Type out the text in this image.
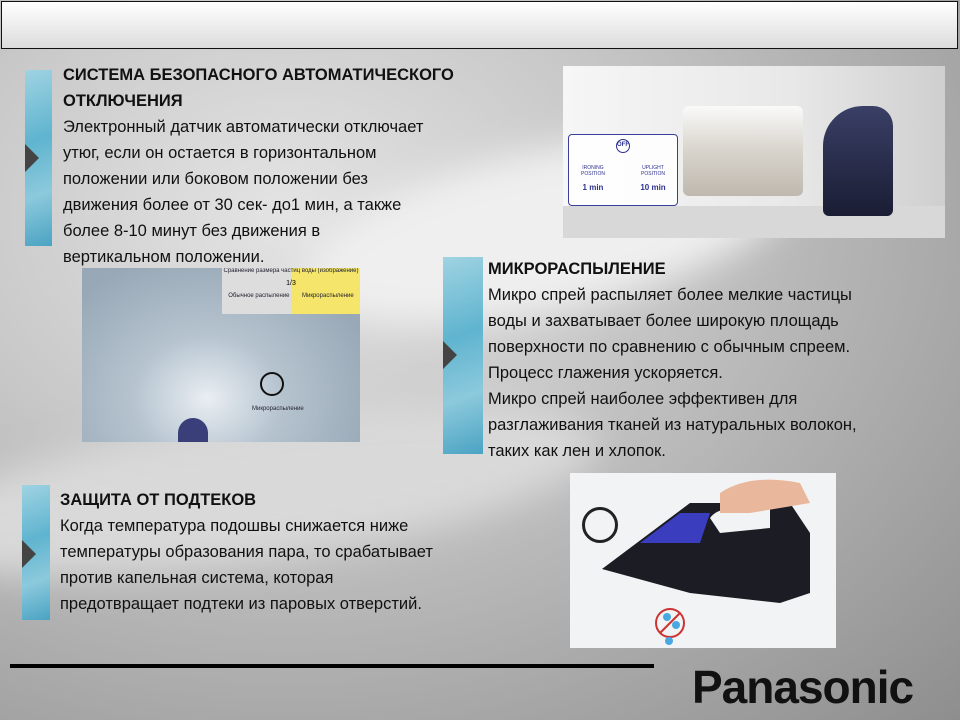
СИСТЕМА БЕЗОПАСНОГО АВТОМАТИЧЕСКОГО ОТКЛЮЧЕНИЯ
Электронный датчик автоматически отключает
утюг, если он остается в горизонтальном
положении или боковом положении без
движения более от 30 сек- до1 мин, а также
более 8-10 минут без движения в
вертикальном положении.
OFF
IRONING POSITION
1 min
UPLIGHT POSITION
10 min
Сравнение размера частиц воды (изображение)
1/3
Обычное распыление Микрораспыление
Микрораспыление
МИКРОРАСПЫЛЕНИЕ
Микро спрей распыляет более мелкие частицы
воды и захватывает более широкую площадь
поверхности по сравнению с обычным спреем.
Процесс глажения ускоряется.
Микро спрей наиболее эффективен для
разглаживания тканей из натуральных волокон,
таких как лен и хлопок.
ЗАЩИТА ОТ ПОДТЕКОВ
Когда температура подошвы снижается ниже
температуры образования пара, то срабатывает
против капельная система, которая
предотвращает подтеки из паровых отверстий.
Panasonic
